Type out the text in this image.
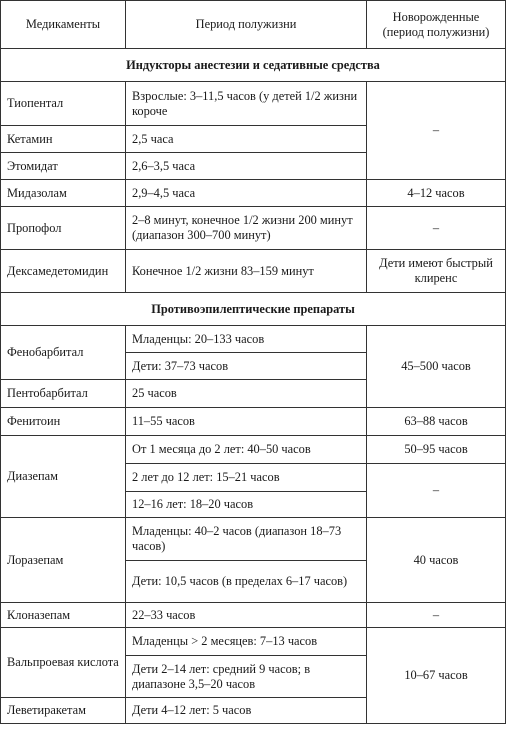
Медикаменты	Период полужизни	Новорожденные
(период полужизни)
Индукторы анестезии и седативные средства		
Тиопентал	Взрослые: 3–11,5 часов (у детей 1/2 жизни короче	–
Кетамин	2,5 часа	
Этомидат	2,6–3,5 часа	
Мидазолам	2,9–4,5 часа	4–12 часов
Пропофол	2–8 минут, конечное 1/2 жизни 200 минут (диапазон 300–700 минут)	–
Дексамедетомидин	Конечное 1/2 жизни 83–159 минут	Дети имеют быстрый клиренс
Противоэпилептические препараты		
Фенобарбитал	Младенцы: 20–133 часов	45–500 часов
	Дети: 37–73 часов	
Пентобарбитал	25 часов	
Фенитоин	11–55 часов	63–88 часов
Диазепам	От 1 месяца до 2 лет: 40–50 часов	50–95 часов
	2 лет до 12 лет: 15–21 часов	–
	12–16 лет: 18–20 часов	
Лоразепам	Младенцы: 40–2 часов (диапазон 18–73 часов)	40 часов
	Дети: 10,5 часов (в пределах 6–17 часов)	
Клоназепам	22–33 часов	–
Вальпроевая кислота	Младенцы > 2 месяцев: 7–13 часов	10–67 часов
	Дети 2–14 лет: средний 9 часов; в диапазоне 3,5–20 часов	
Леветиракетам	Дети 4–12 лет: 5 часов	
